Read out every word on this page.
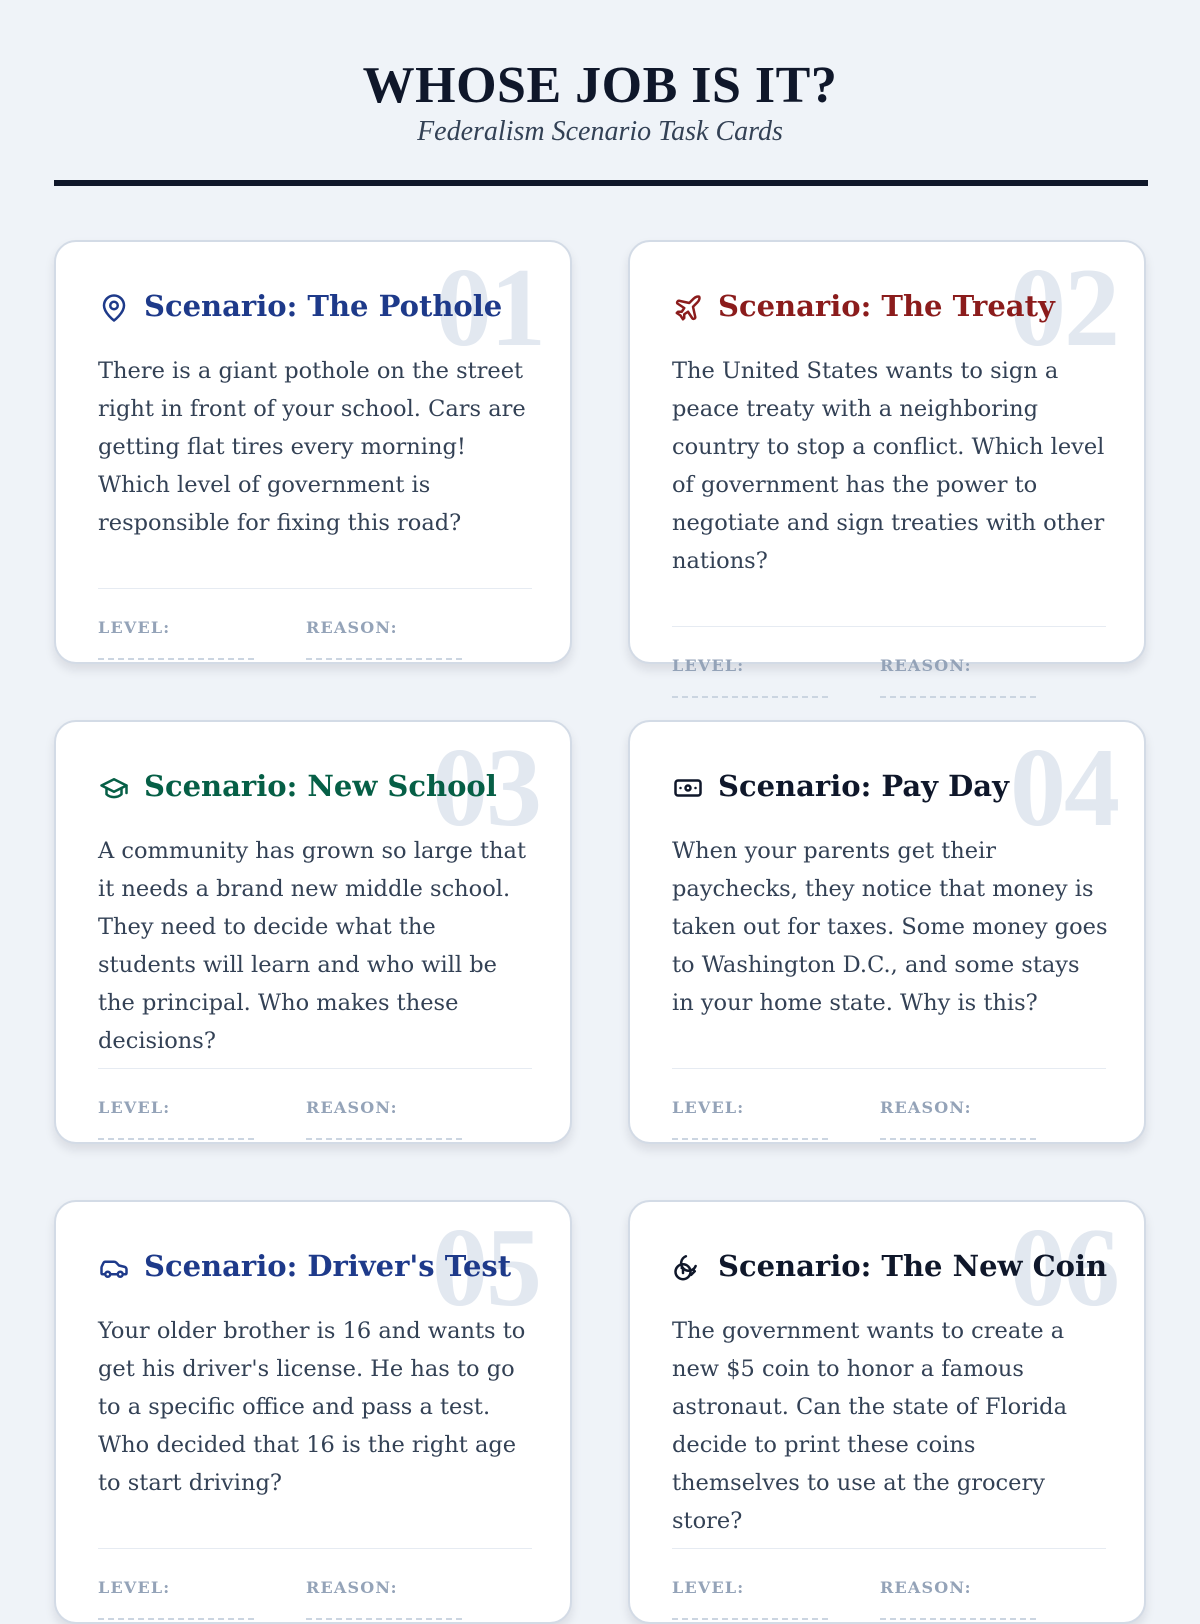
WHOSE JOB IS IT?
Federalism Scenario Task Cards
01
Scenario: The Pothole
There is a giant pothole on the street right in front of your school. Cars are getting flat tires every morning! Which level of government is responsible for fixing this road?
LEVEL:	REASON:
02
Scenario: The Treaty
The United States wants to sign a peace treaty with a neighboring country to stop a conflict. Which level of government has the power to negotiate and sign treaties with other nations?
LEVEL:	REASON:
03
Scenario: New School
A community has grown so large that it needs a brand new middle school. They need to decide what the students will learn and who will be the principal. Who makes these decisions?
LEVEL:	REASON:
04
Scenario: Pay Day
When your parents get their paychecks, they notice that money is taken out for taxes. Some money goes to Washington D.C., and some stays in your home state. Why is this?
LEVEL:	REASON:
05
Scenario: Driver's Test
Your older brother is 16 and wants to get his driver's license. He has to go to a specific office and pass a test. Who decided that 16 is the right age to start driving?
LEVEL:	REASON:
06
Scenario: The New Coin
The government wants to create a new $5 coin to honor a famous astronaut. Can the state of Florida decide to print these coins themselves to use at the grocery store?
LEVEL:	REASON:
